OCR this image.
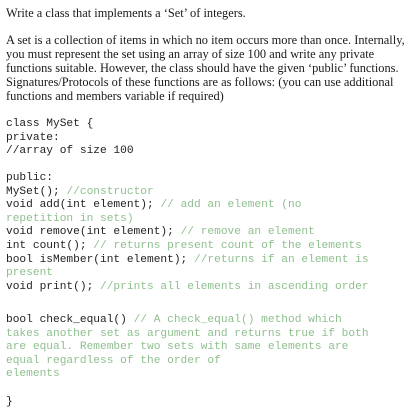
Write a class that implements a ‘Set’ of integers.
A set is a collection of items in which no item occurs more than once. Internally,
you must represent the set using an array of size 100 and write any private
functions suitable. However, the class should have the given ‘public’ functions.
Signatures/Protocols of these functions are as follows: (you can use additional
functions and members variable if required)
class MySet {
private:
//array of size 100
public:
MySet(); //constructor
void add(int element); // add an element (no
repetition in sets)
void remove(int element); // remove an element
int count(); // returns present count of the elements
bool isMember(int element); //returns if an element is
present
void print(); //prints all elements in ascending order
bool check_equal() // A check_equal() method which
takes another set as argument and returns true if both
are equal. Remember two sets with same elements are
equal regardless of the order of
elements
}
